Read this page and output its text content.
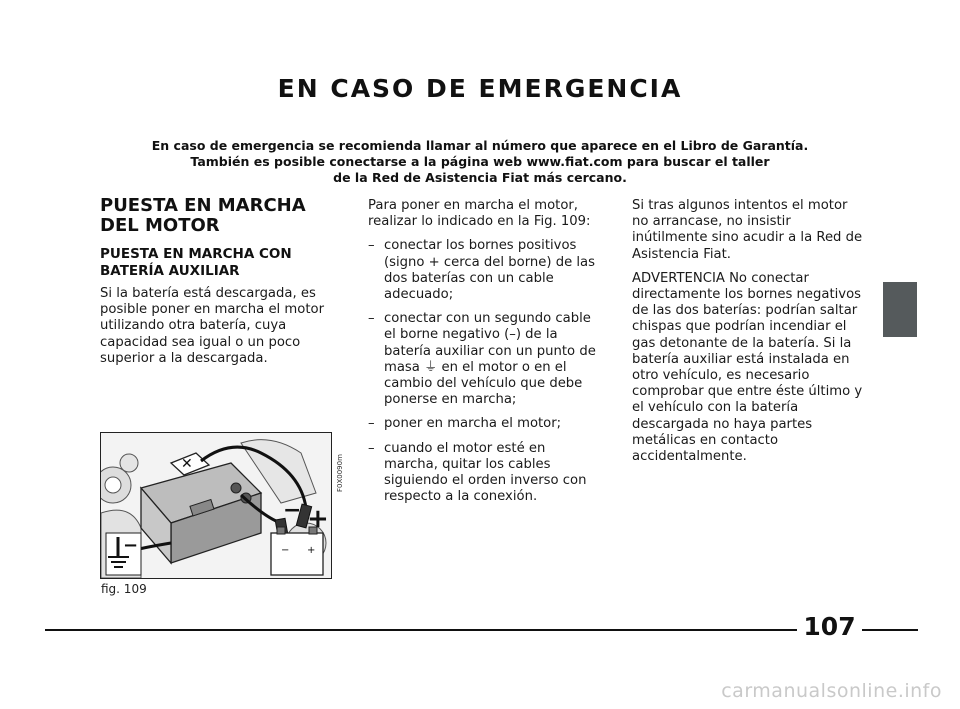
EN CASO DE EMERGENCIA
En caso de emergencia se recomienda llamar al número que aparece en el Libro de Garantía.
También es posible conectarse a la página web www.fiat.com para buscar el taller
de la Red de Asistencia Fiat más cercano.
PUESTA EN MARCHA DEL MOTOR
PUESTA EN MARCHA CON BATERÍA AUXILIAR

Si la batería está descargada, es posible poner en marcha el motor utilizando otra batería, cuya capacidad sea igual o un poco superior a la descargada.

✕
− +
− +
−
F0X0090m
fig. 109

Para poner en marcha el motor, realizar lo indicado en la Fig. 109:

– conectar los bornes positivos (signo + cerca del borne) de las dos baterías con un cable adecuado;
– conectar con un segundo cable el borne negativo (–) de la batería auxiliar con un punto de masa ⏚ en el motor o en el cambio del vehículo que debe ponerse en marcha;
– poner en marcha el motor;
– cuando el motor esté en marcha, quitar los cables siguiendo el orden inverso con respecto a la conexión.

Si tras algunos intentos el motor no arrancase, no insistir inútilmente sino acudir a la Red de Asistencia Fiat.

ADVERTENCIA No conectar directamente los bornes negativos de las dos baterías: podrían saltar chispas que podrían incendiar el gas detonante de la batería. Si la batería auxiliar está instalada en otro vehículo, es necesario comprobar que entre éste último y el vehículo con la batería descargada no haya partes metálicas en contacto accidentalmente.

107
carmanualsonline.info
